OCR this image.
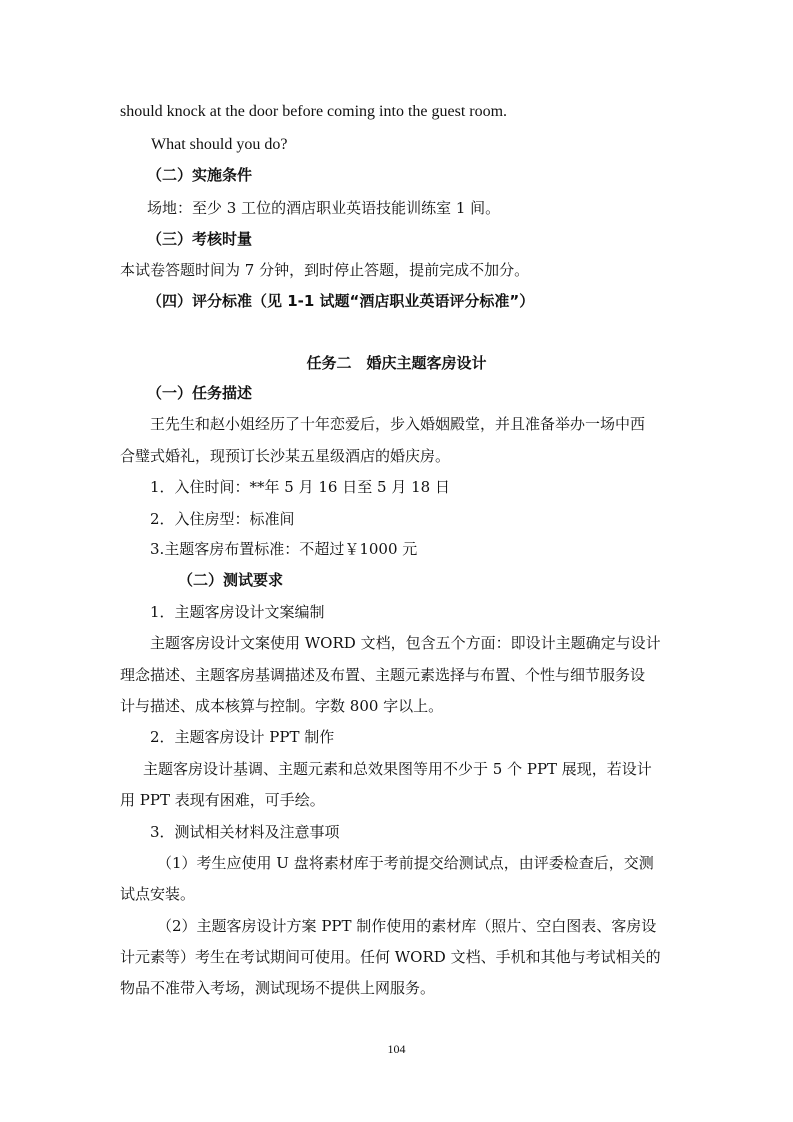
should knock at the door before coming into the guest room.
What should you do?
（二）实施条件
场地：至少 3 工位的酒店职业英语技能训练室 1 间。
（三）考核时量
本试卷答题时间为 7 分钟，到时停止答题，提前完成不加分。
（四）评分标准（见 1-1 试题“酒店职业英语评分标准”）
任务二　婚庆主题客房设计
（一）任务描述
王先生和赵小姐经历了十年恋爱后，步入婚姻殿堂，并且准备举办一场中西
合璧式婚礼，现预订长沙某五星级酒店的婚庆房。
1．入住时间：**年 5 月 16 日至 5 月 18 日
2．入住房型：标准间
3.主题客房布置标准：不超过￥1000 元
（二）测试要求
1．主题客房设计文案编制
主题客房设计文案使用 WORD 文档，包含五个方面：即设计主题确定与设计
理念描述、主题客房基调描述及布置、主题元素选择与布置、个性与细节服务设
计与描述、成本核算与控制。字数 800 字以上。
2．主题客房设计 PPT 制作
主题客房设计基调、主题元素和总效果图等用不少于 5 个 PPT 展现，若设计
用 PPT 表现有困难，可手绘。
3．测试相关材料及注意事项
（1）考生应使用 U 盘将素材库于考前提交给测试点，由评委检查后，交测
试点安装。
（2）主题客房设计方案 PPT 制作使用的素材库（照片、空白图表、客房设
计元素等）考生在考试期间可使用。任何 WORD 文档、手机和其他与考试相关的
物品不准带入考场，测试现场不提供上网服务。
104
